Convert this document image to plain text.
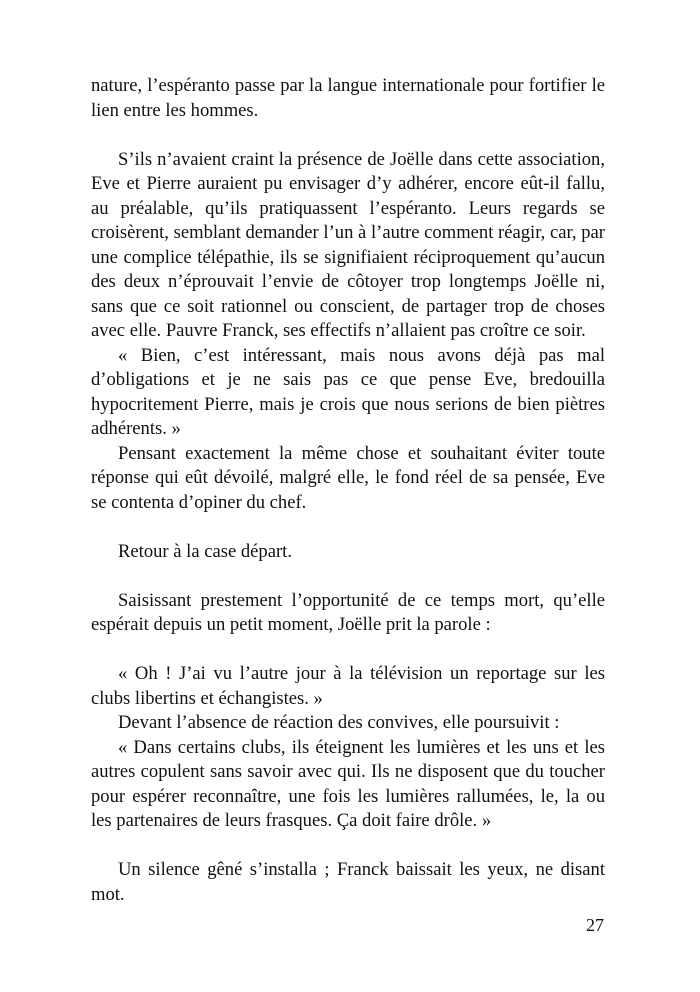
nature, l’espéranto passe par la langue internationale pour fortifier le lien entre les hommes.

S’ils n’avaient craint la présence de Joëlle dans cette association, Eve et Pierre auraient pu envisager d’y adhérer, encore eût-il fallu, au préalable, qu’ils pratiquassent l’espéranto. Leurs regards se croisèrent, semblant demander l’un à l’autre comment réagir, car, par une complice télépathie, ils se signifiaient réciproquement qu’aucun des deux n’éprouvait l’envie de côtoyer trop longtemps Joëlle ni, sans que ce soit rationnel ou conscient, de partager trop de choses avec elle. Pauvre Franck, ses effectifs n’allaient pas croître ce soir.

« Bien, c’est intéressant, mais nous avons déjà pas mal d’obligations et je ne sais pas ce que pense Eve, bredouilla hypocritement Pierre, mais je crois que nous serions de bien piètres adhérents. »

Pensant exactement la même chose et souhaitant éviter toute réponse qui eût dévoilé, malgré elle, le fond réel de sa pensée, Eve se contenta d’opiner du chef.

Retour à la case départ.

Saisissant prestement l’opportunité de ce temps mort, qu’elle espérait depuis un petit moment, Joëlle prit la parole :

« Oh ! J’ai vu l’autre jour à la télévision un reportage sur les clubs libertins et échangistes. »

Devant l’absence de réaction des convives, elle poursuivit :

« Dans certains clubs, ils éteignent les lumières et les uns et les autres copulent sans savoir avec qui. Ils ne disposent que du toucher pour espérer reconnaître, une fois les lumières rallumées, le, la ou les partenaires de leurs frasques. Ça doit faire drôle. »

Un silence gêné s’installa ; Franck baissait les yeux, ne disant mot.

27
